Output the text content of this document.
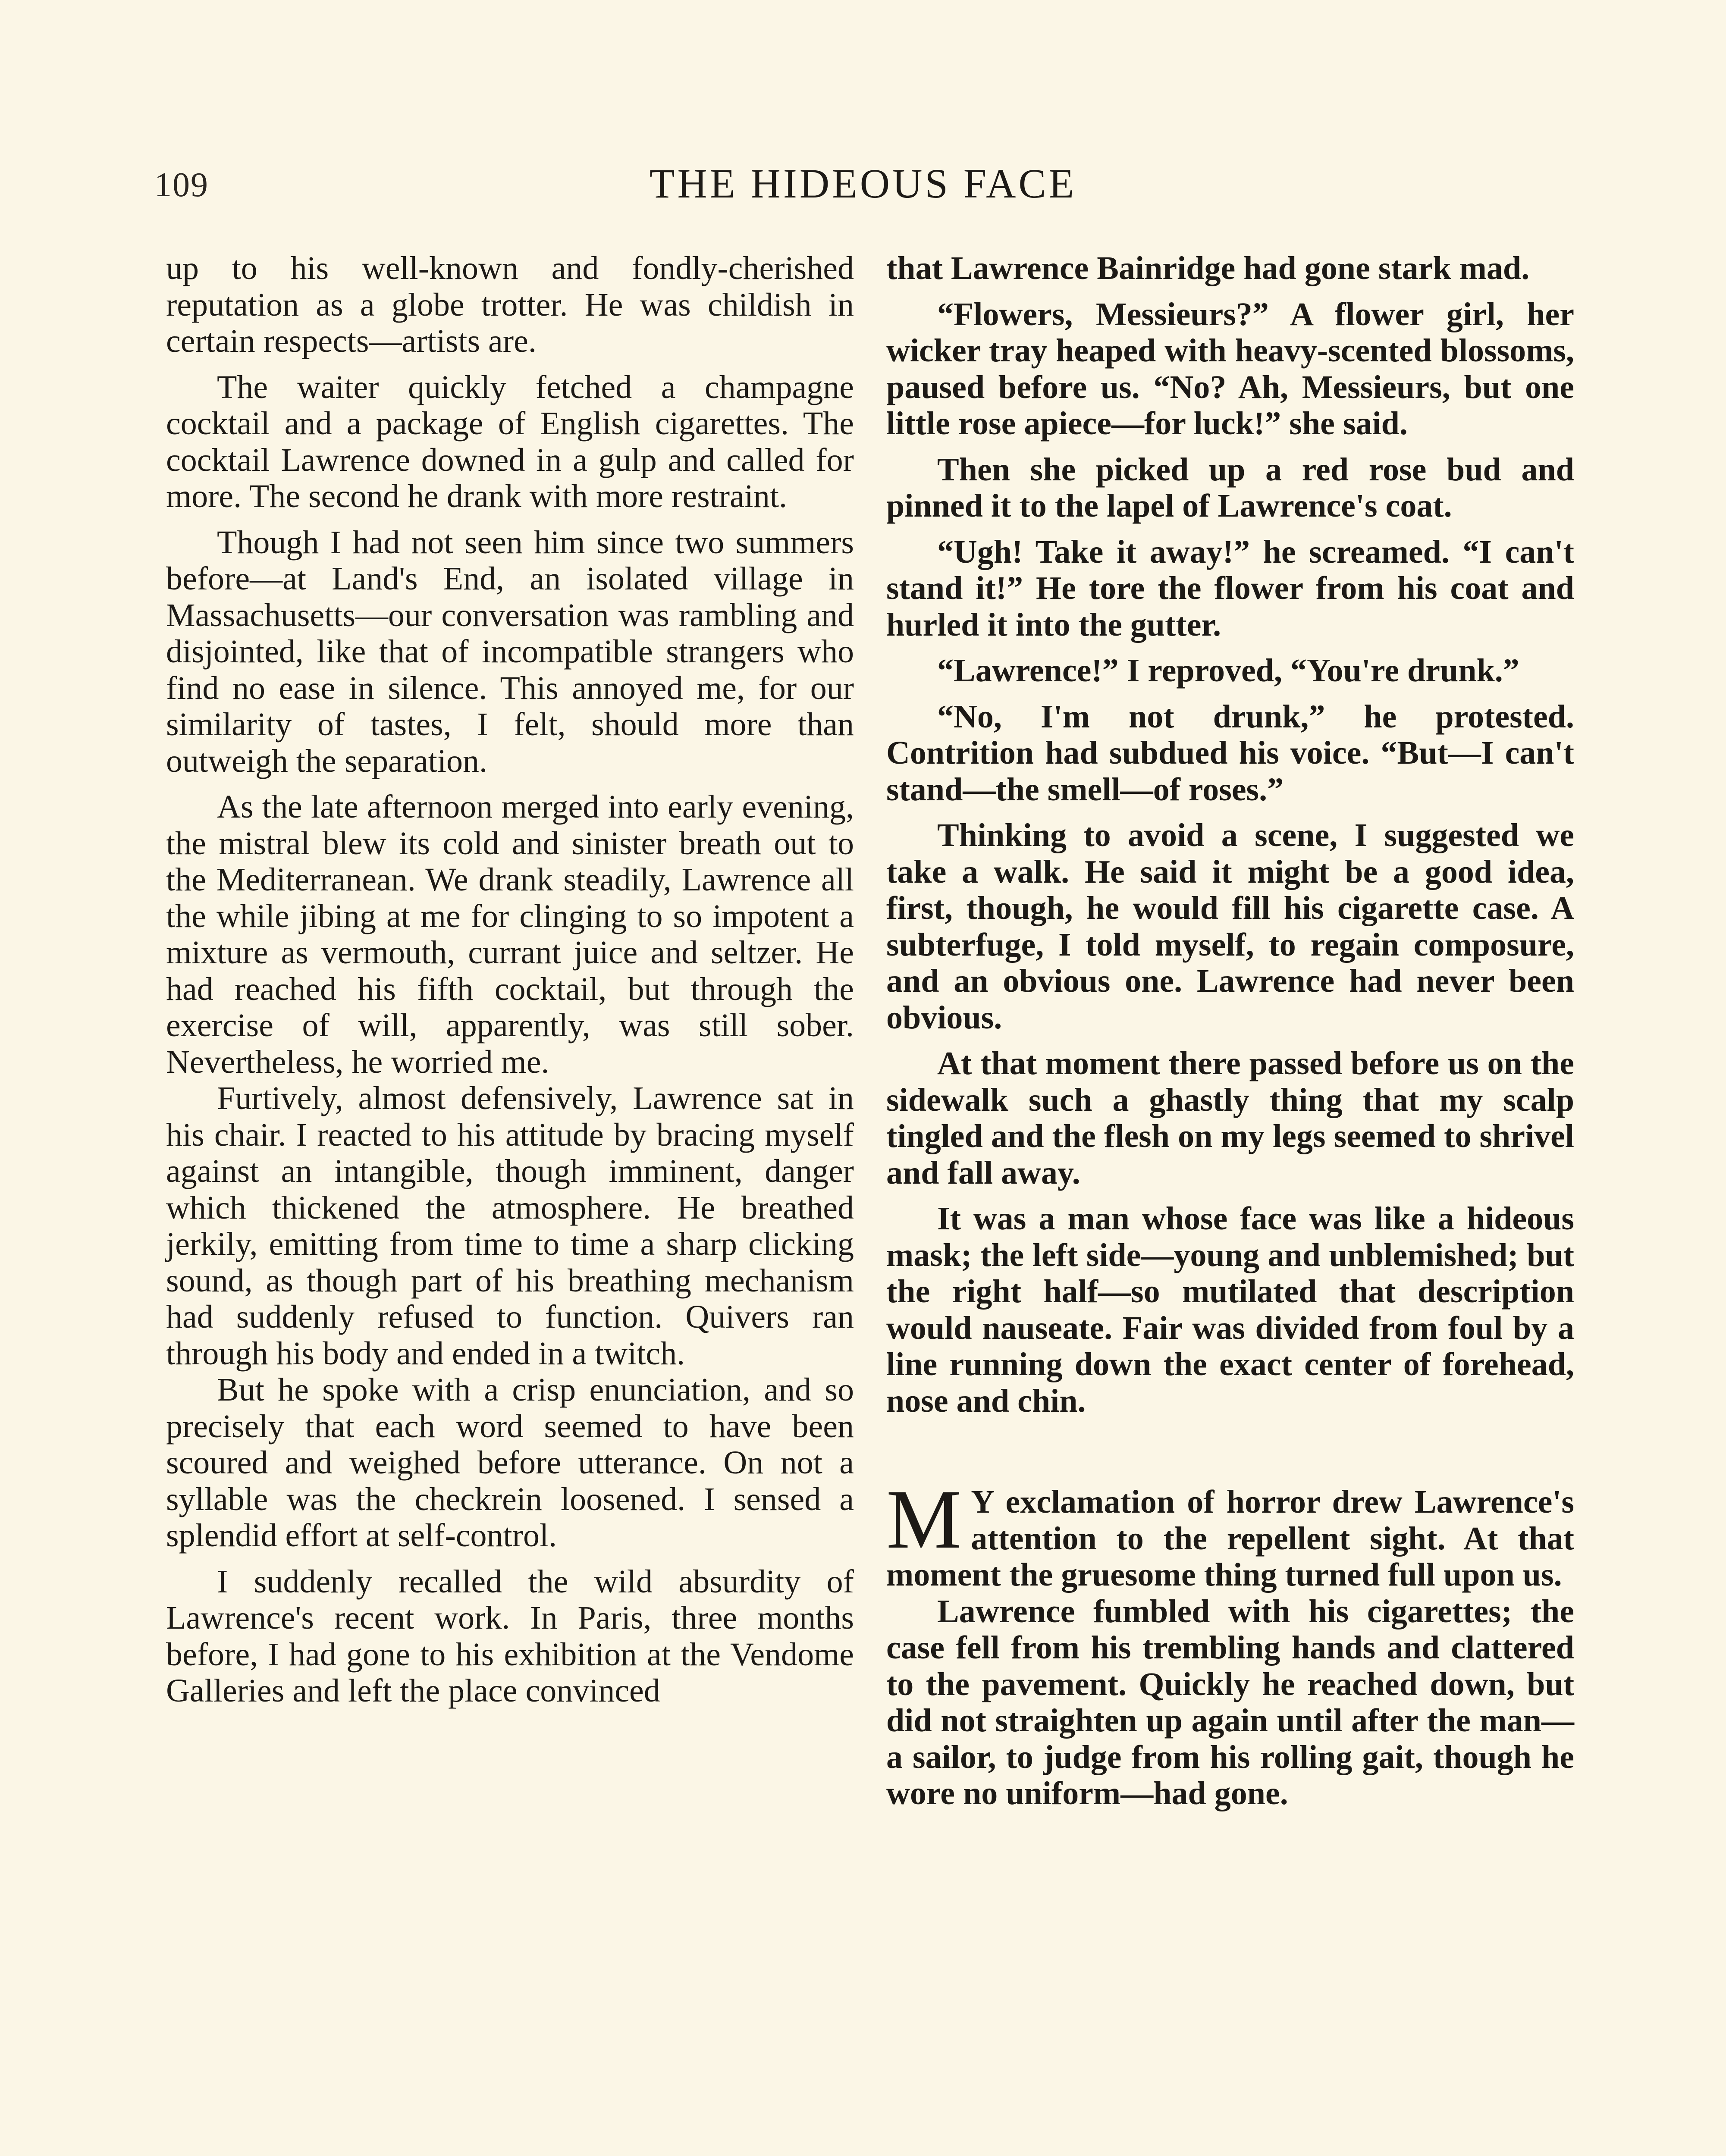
109	THE HIDEOUS FACE

up to his well-known and fondly-cherished reputation as a globe trotter. He was childish in certain respects—artists are.

The waiter quickly fetched a champagne cocktail and a package of English cigarettes. The cocktail Lawrence downed in a gulp and called for more. The second he drank with more restraint.

Though I had not seen him since two summers before—at Land's End, an isolated village in Massachusetts—our conversation was rambling and disjointed, like that of incompatible strangers who find no ease in silence. This annoyed me, for our similarity of tastes, I felt, should more than outweigh the separation.

As the late afternoon merged into early evening, the mistral blew its cold and sinister breath out to the Mediterranean. We drank steadily, Lawrence all the while jibing at me for clinging to so impotent a mixture as vermouth, currant juice and seltzer. He had reached his fifth cocktail, but through the exercise of will, apparently, was still sober. Nevertheless, he worried me.

Furtively, almost defensively, Lawrence sat in his chair. I reacted to his attitude by bracing myself against an intangible, though imminent, danger which thickened the atmosphere. He breathed jerkily, emitting from time to time a sharp clicking sound, as though part of his breathing mechanism had suddenly refused to function. Quivers ran through his body and ended in a twitch.

But he spoke with a crisp enunciation, and so precisely that each word seemed to have been scoured and weighed before utterance. On not a syllable was the checkrein loosened. I sensed a splendid effort at self-control.

I suddenly recalled the wild absurdity of Lawrence's recent work. In Paris, three months before, I had gone to his exhibition at the Vendome Galleries and left the place convinced

that Lawrence Bainridge had gone stark mad.

“Flowers, Messieurs?” A flower girl, her wicker tray heaped with heavy-scented blossoms, paused before us. “No? Ah, Messieurs, but one little rose apiece—for luck!” she said.

Then she picked up a red rose bud and pinned it to the lapel of Lawrence's coat.

“Ugh! Take it away!” he screamed. “I can't stand it!” He tore the flower from his coat and hurled it into the gutter.

“Lawrence!” I reproved, “You're drunk.”

“No, I'm not drunk,” he protested. Contrition had subdued his voice. “But—I can't stand—the smell—of roses.”

Thinking to avoid a scene, I suggested we take a walk. He said it might be a good idea, first, though, he would fill his cigarette case. A subterfuge, I told myself, to regain composure, and an obvious one. Lawrence had never been obvious.

At that moment there passed before us on the sidewalk such a ghastly thing that my scalp tingled and the flesh on my legs seemed to shrivel and fall away.

It was a man whose face was like a hideous mask; the left side—young and unblemished; but the right half—so mutilated that description would nauseate. Fair was divided from foul by a line running down the exact center of forehead, nose and chin.

M Y exclamation of horror drew Lawrence's attention to the repellent sight. At that moment the gruesome thing turned full upon us.

Lawrence fumbled with his cigarettes; the case fell from his trembling hands and clattered to the pavement. Quickly he reached down, but did not straighten up again until after the man—a sailor, to judge from his rolling gait, though he wore no uniform—had gone.
